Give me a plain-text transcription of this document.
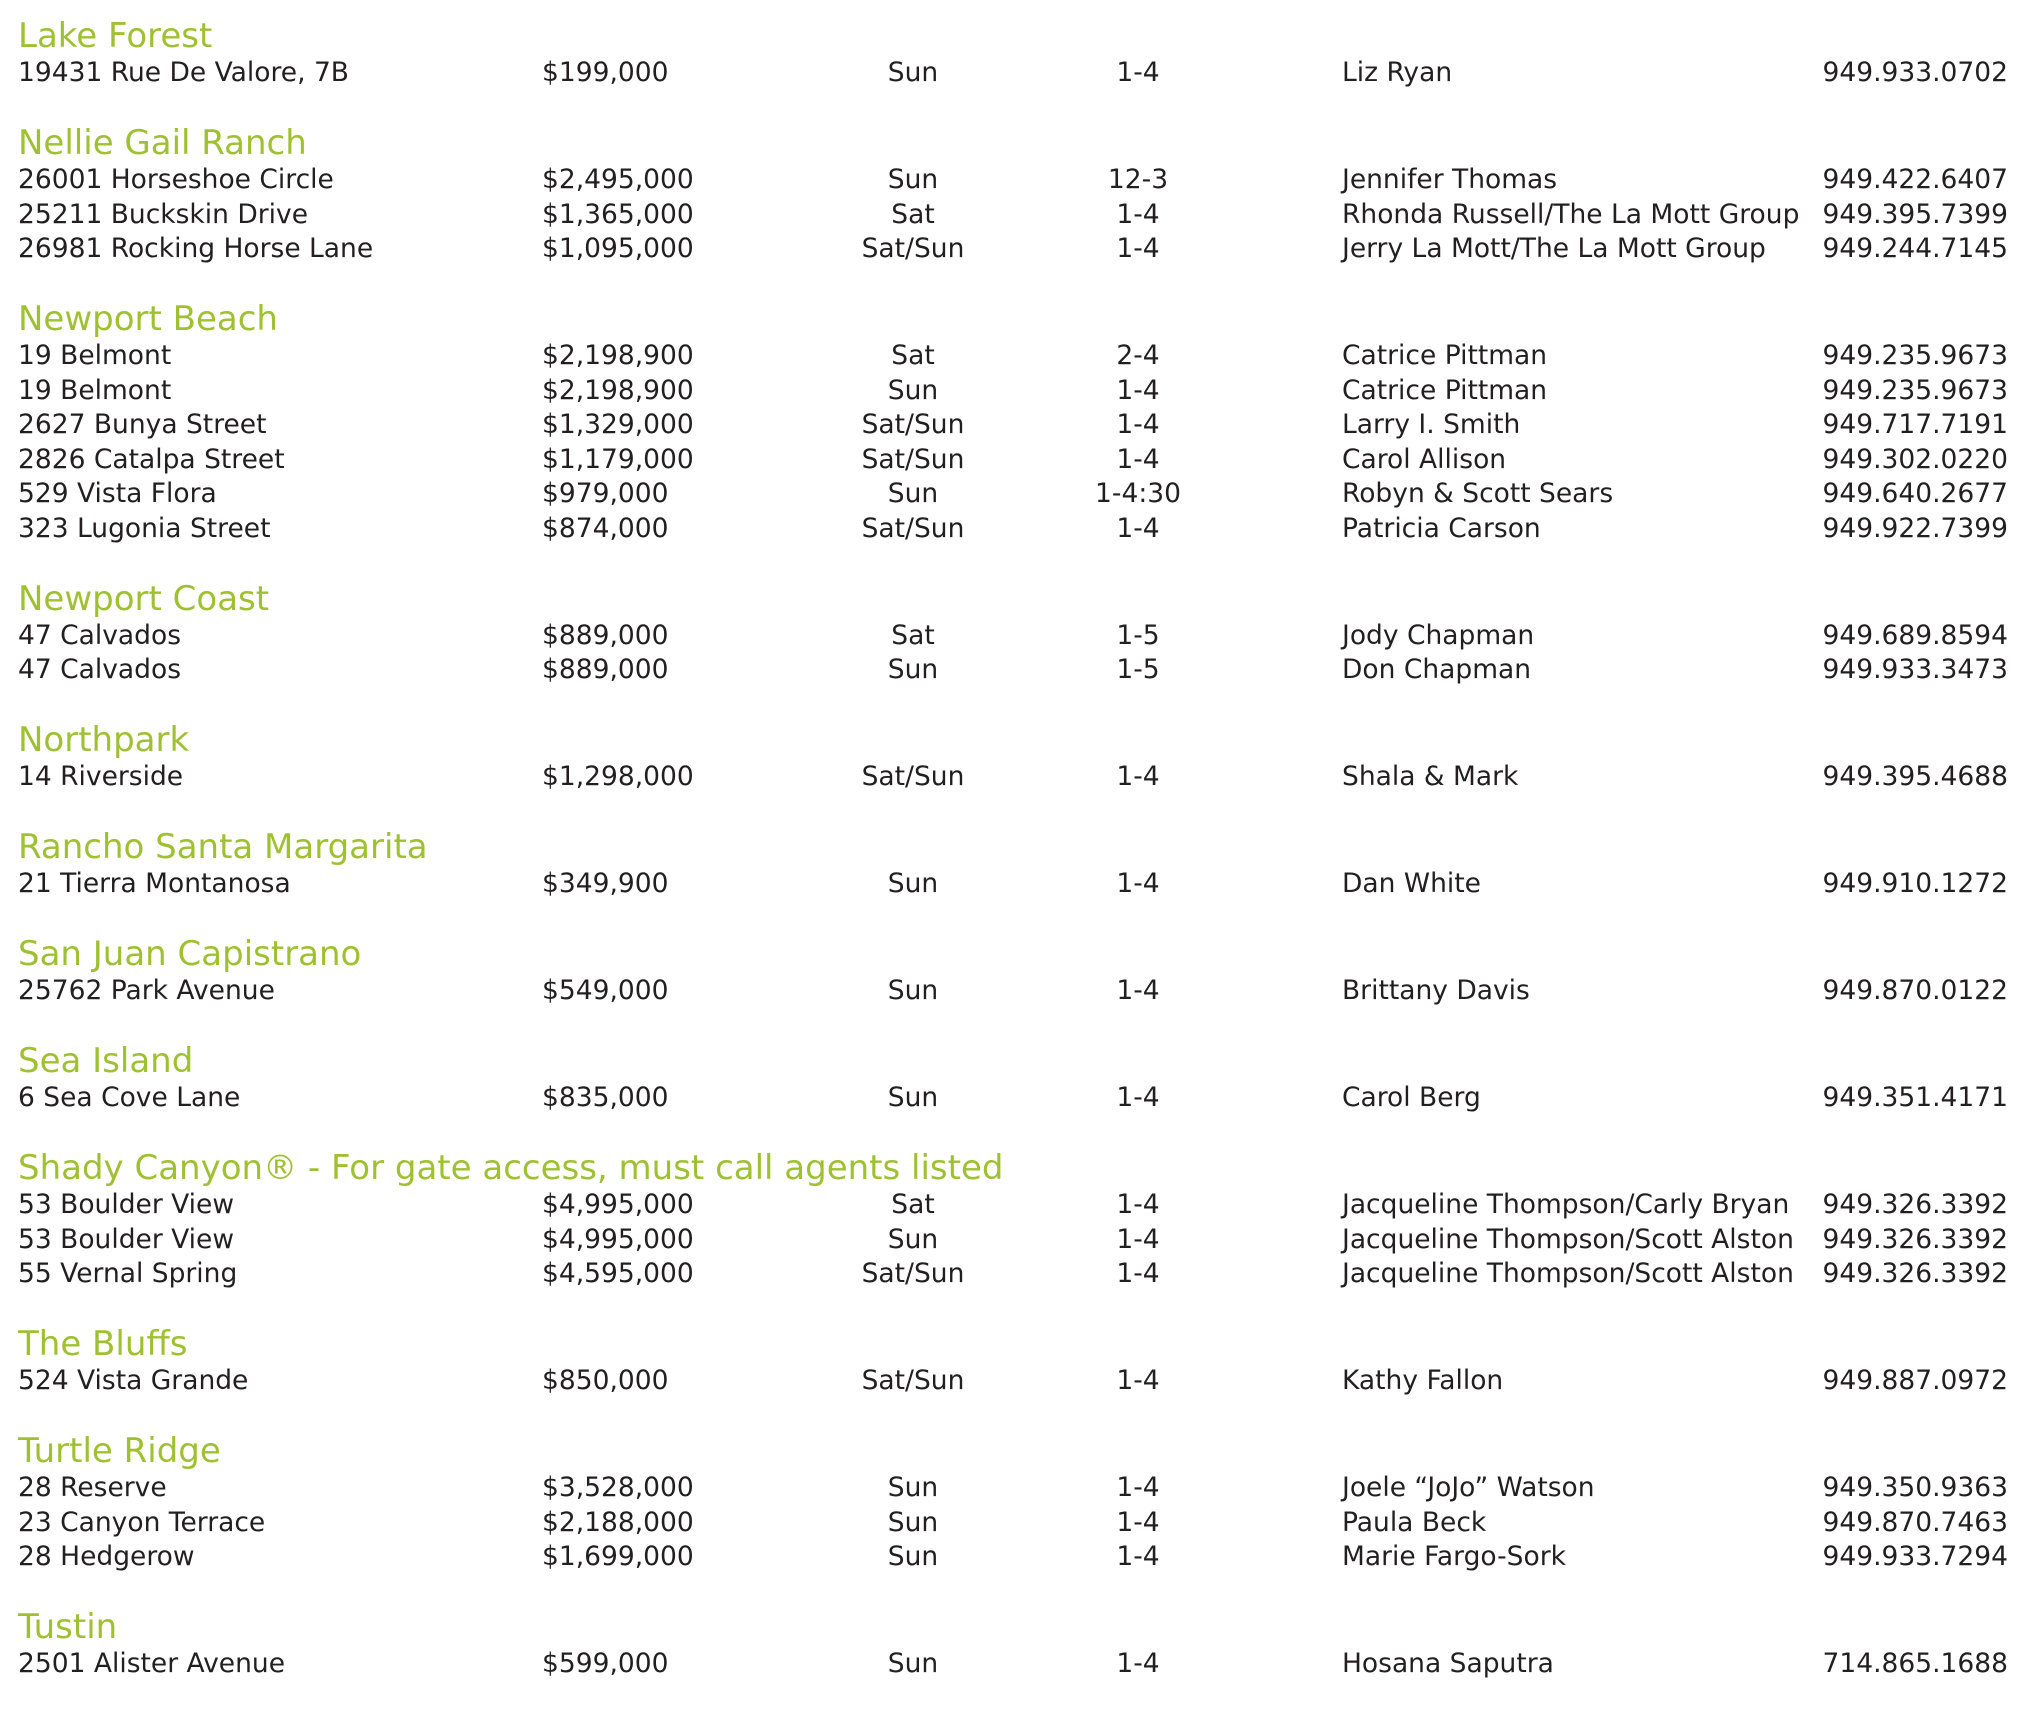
Lake Forest
19431 Rue De Valore, 7B	$199,000	Sun	1-4	Liz Ryan	949.933.0702
Nellie Gail Ranch
26001 Horseshoe Circle	$2,495,000	Sun	12-3	Jennifer Thomas	949.422.6407
25211 Buckskin Drive	$1,365,000	Sat	1-4	Rhonda Russell/The La Mott Group 949.395.7399
26981 Rocking Horse Lane	$1,095,000	Sat/Sun	1-4	Jerry La Mott/The La Mott Group 949.244.7145
Newport Beach
19 Belmont	$2,198,900	Sat	2-4	Catrice Pittman	949.235.9673
19 Belmont	$2,198,900	Sun	1-4	Catrice Pittman	949.235.9673
2627 Bunya Street	$1,329,000	Sat/Sun	1-4	Larry I. Smith	949.717.7191
2826 Catalpa Street	$1,179,000	Sat/Sun	1-4	Carol Allison	949.302.0220
529 Vista Flora	$979,000	Sun	1-4:30	Robyn & Scott Sears	949.640.2677
323 Lugonia Street	$874,000	Sat/Sun	1-4	Patricia Carson	949.922.7399
Newport Coast
47 Calvados	$889,000	Sat	1-5	Jody Chapman	949.689.8594
47 Calvados	$889,000	Sun	1-5	Don Chapman	949.933.3473
Northpark
14 Riverside	$1,298,000	Sat/Sun	1-4	Shala & Mark	949.395.4688
Rancho Santa Margarita
21 Tierra Montanosa	$349,900	Sun	1-4	Dan White	949.910.1272
San Juan Capistrano
25762 Park Avenue	$549,000	Sun	1-4	Brittany Davis	949.870.0122
Sea Island
6 Sea Cove Lane	$835,000	Sun	1-4	Carol Berg	949.351.4171
Shady Canyon® - For gate access, must call agents listed
53 Boulder View	$4,995,000	Sat	1-4	Jacqueline Thompson/Carly Bryan 949.326.3392
53 Boulder View	$4,995,000	Sun	1-4	Jacqueline Thompson/Scott Alston 949.326.3392
55 Vernal Spring	$4,595,000	Sat/Sun	1-4	Jacqueline Thompson/Scott Alston 949.326.3392
The Bluffs
524 Vista Grande	$850,000	Sat/Sun	1-4	Kathy Fallon	949.887.0972
Turtle Ridge
28 Reserve	$3,528,000	Sun	1-4	Joele “JoJo” Watson	949.350.9363
23 Canyon Terrace	$2,188,000	Sun	1-4	Paula Beck	949.870.7463
28 Hedgerow	$1,699,000	Sun	1-4	Marie Fargo-Sork	949.933.7294
Tustin
2501 Alister Avenue	$599,000	Sun	1-4	Hosana Saputra	714.865.1688
